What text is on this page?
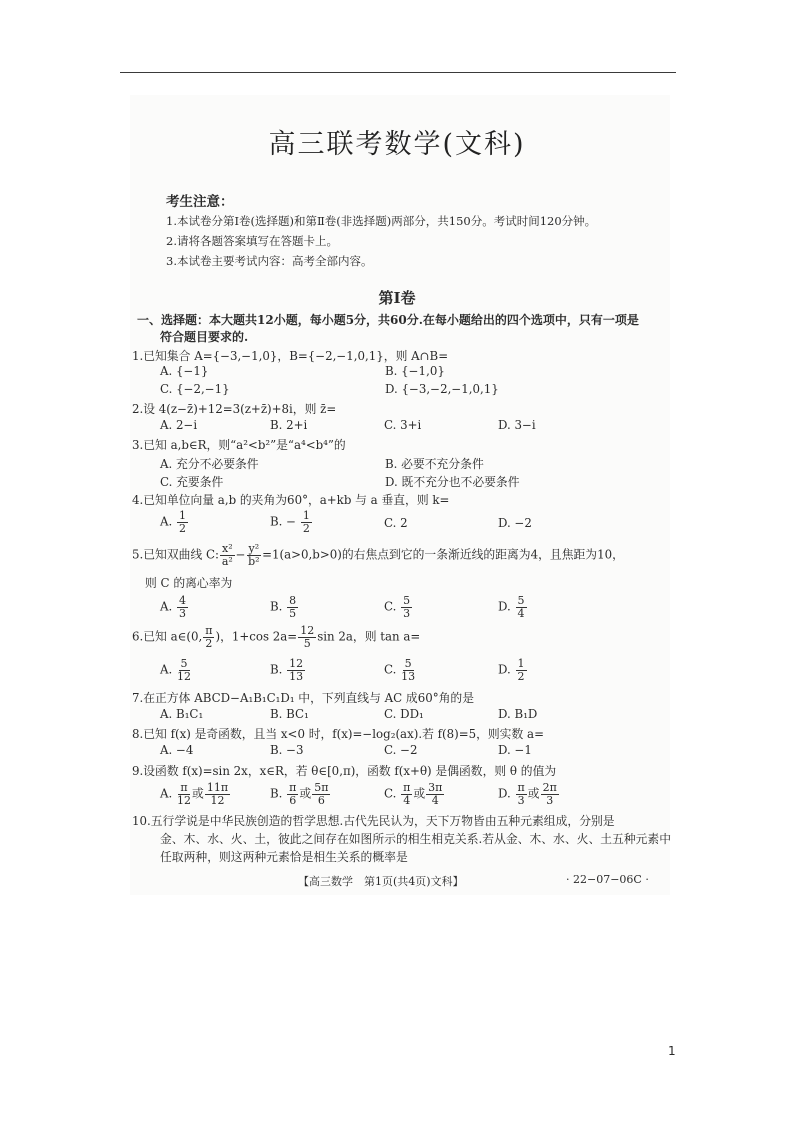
高三联考数学(文科)
考生注意：
1.本试卷分第Ⅰ卷(选择题)和第Ⅱ卷(非选择题)两部分，共150分。考试时间120分钟。
2.请将各题答案填写在答题卡上。
3.本试卷主要考试内容：高考全部内容。
第Ⅰ卷
一、选择题：本大题共12小题，每小题5分，共60分.在每小题给出的四个选项中，只有一项是
符合题目要求的.
1.已知集合 A={−3,−1,0}，B={−2,−1,0,1}，则 A∩B=
A. {−1}	B. {−1,0}
C. {−2,−1}	D. {−3,−2,−1,0,1}
2.设 4(z−z̄)+12=3(z+z̄)+8i，则 z̄=
A. 2−i	B. 2+i	C. 3+i	D. 3−i
3.已知 a,b∈R，则“a²<b²”是“a⁴<b⁴”的
A. 充分不必要条件	B. 必要不充分条件
C. 充要条件	D. 既不充分也不必要条件
4.已知单位向量 a,b 的夹角为60°，a+kb 与 a 垂直，则 k=
A. $\frac{1}{2}$	B. − $\frac{1}{2}$	C. 2	D. −2
5.已知双曲线 C: $\frac{\text{x²}}{\text{a²}} - \frac{\text{y²}}{\text{b²}} =1(a>0,b>0)$的右焦点到它的一条渐近线的距离为4，且焦距为10，
则 C 的离心率为
A. $\frac{4}{3}$	B. $\frac{8}{5}$	C. $\frac{5}{3}$	D. $\frac{5}{4}$
6.已知 a∈(0, $\frac{\pi}{2}$ )，1+cos $2a= \frac{12}{5}$ sin 2a，则 tan a=
A. $\frac{5}{12}$	B. $\frac{12}{13}$	C. $\frac{5}{13}$	D. $\frac{1}{2}$
7.在正方体 ABCD−A₁B₁C₁D₁ 中，下列直线与 AC 成60°角的是
A. B₁C₁	B. BC₁	C. DD₁	D. B₁D
8.已知 f(x) 是奇函数，且当 x<0 时，f(x)=−log₂(ax).若 f(8)=5，则实数 a=
A. −4	B. −3	C. −2	D. −1
9.设函数 f(x)=sin 2x，x∈R，若 θ∈[0,π)，函数 f(x+θ) 是偶函数，则 θ 的值为
A. $\frac{\pi}{12}$ 或 $\frac{11\pi}{12}$	B. $\frac{\pi}{6}$ 或 $\frac{5\pi}{6}$	C. $\frac{\pi}{4}$ 或 $\frac{3\pi}{4}$	D. $\frac{\pi}{3}$ 或 $\frac{2\pi}{3}$
10.五行学说是中华民族创造的哲学思想.古代先民认为，天下万物皆由五种元素组成，分别是
金、木、水、火、土，彼此之间存在如图所示的相生相克关系.若从金、木、水、火、土五种元素中
任取两种，则这两种元素恰是相生关系的概率是
【高三数学　第1页(共4页)文科】	· 22−07−06C ·
1
